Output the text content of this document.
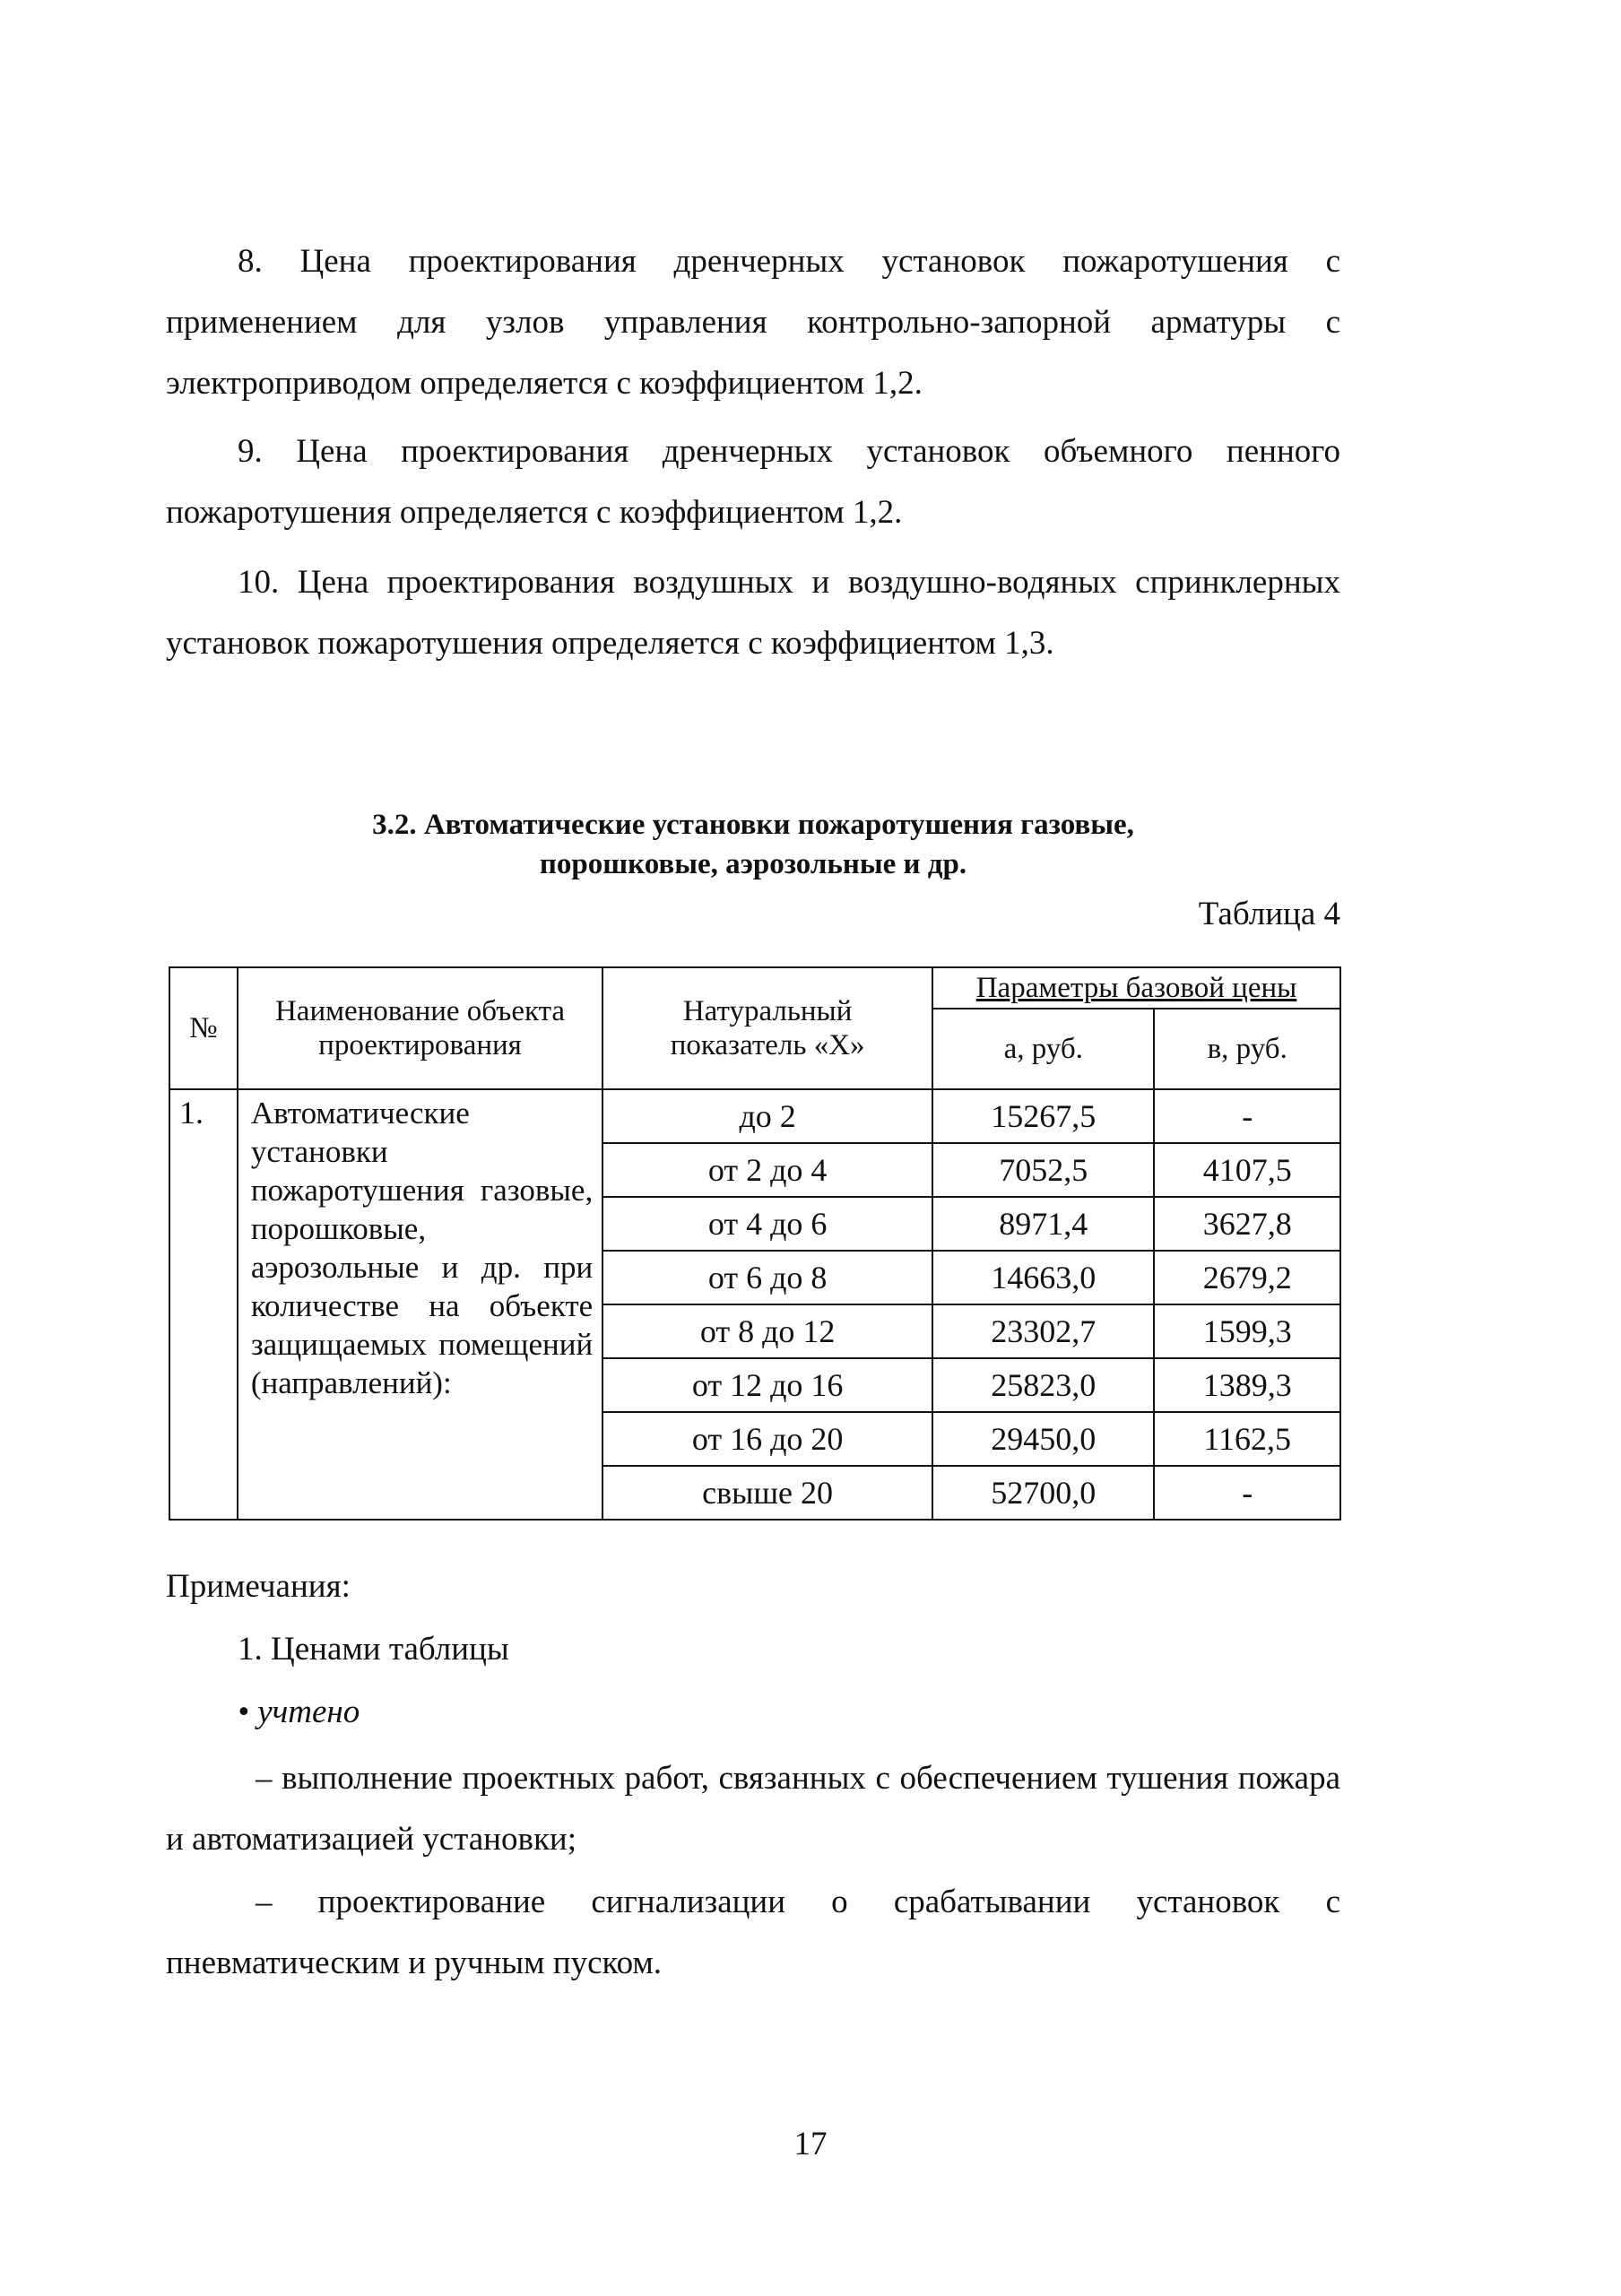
8. Цена проектирования дренчерных установок пожаротушения с применением для узлов управления контрольно-запорной арматуры с электроприводом определяется с коэффициентом 1,2.

9. Цена проектирования дренчерных установок объемного пенного пожаротушения определяется с коэффициентом 1,2.

10. Цена проектирования воздушных и воздушно-водяных спринклерных установок пожаротушения определяется с коэффициентом 1,3.

3.2. Автоматические установки пожаротушения газовые,
порошковые, аэрозольные и др.
Таблица 4
№	Наименование объекта проектирования	Натуральный показатель «Х»	Параметры базовой цены	
			а, руб.	в, руб.
1.	Автоматические установки пожаротушения газовые, порошковые, аэрозольные и др. при количестве на объекте защищаемых помещений (направлений):	до 2	15267,5	-
		от 2 до 4	7052,5	4107,5
		от 4 до 6	8971,4	3627,8
		от 6 до 8	14663,0	2679,2
		от 8 до 12	23302,7	1599,3
		от 12 до 16	25823,0	1389,3
		от 16 до 20	29450,0	1162,5
		свыше 20	52700,0	-
Примечания:
1. Ценами таблицы
• учтено

– выполнение проектных работ, связанных с обеспечением тушения пожара и автоматизацией установки;

– проектирование сигнализации о срабатывании установок с пневматическим и ручным пуском.

17
